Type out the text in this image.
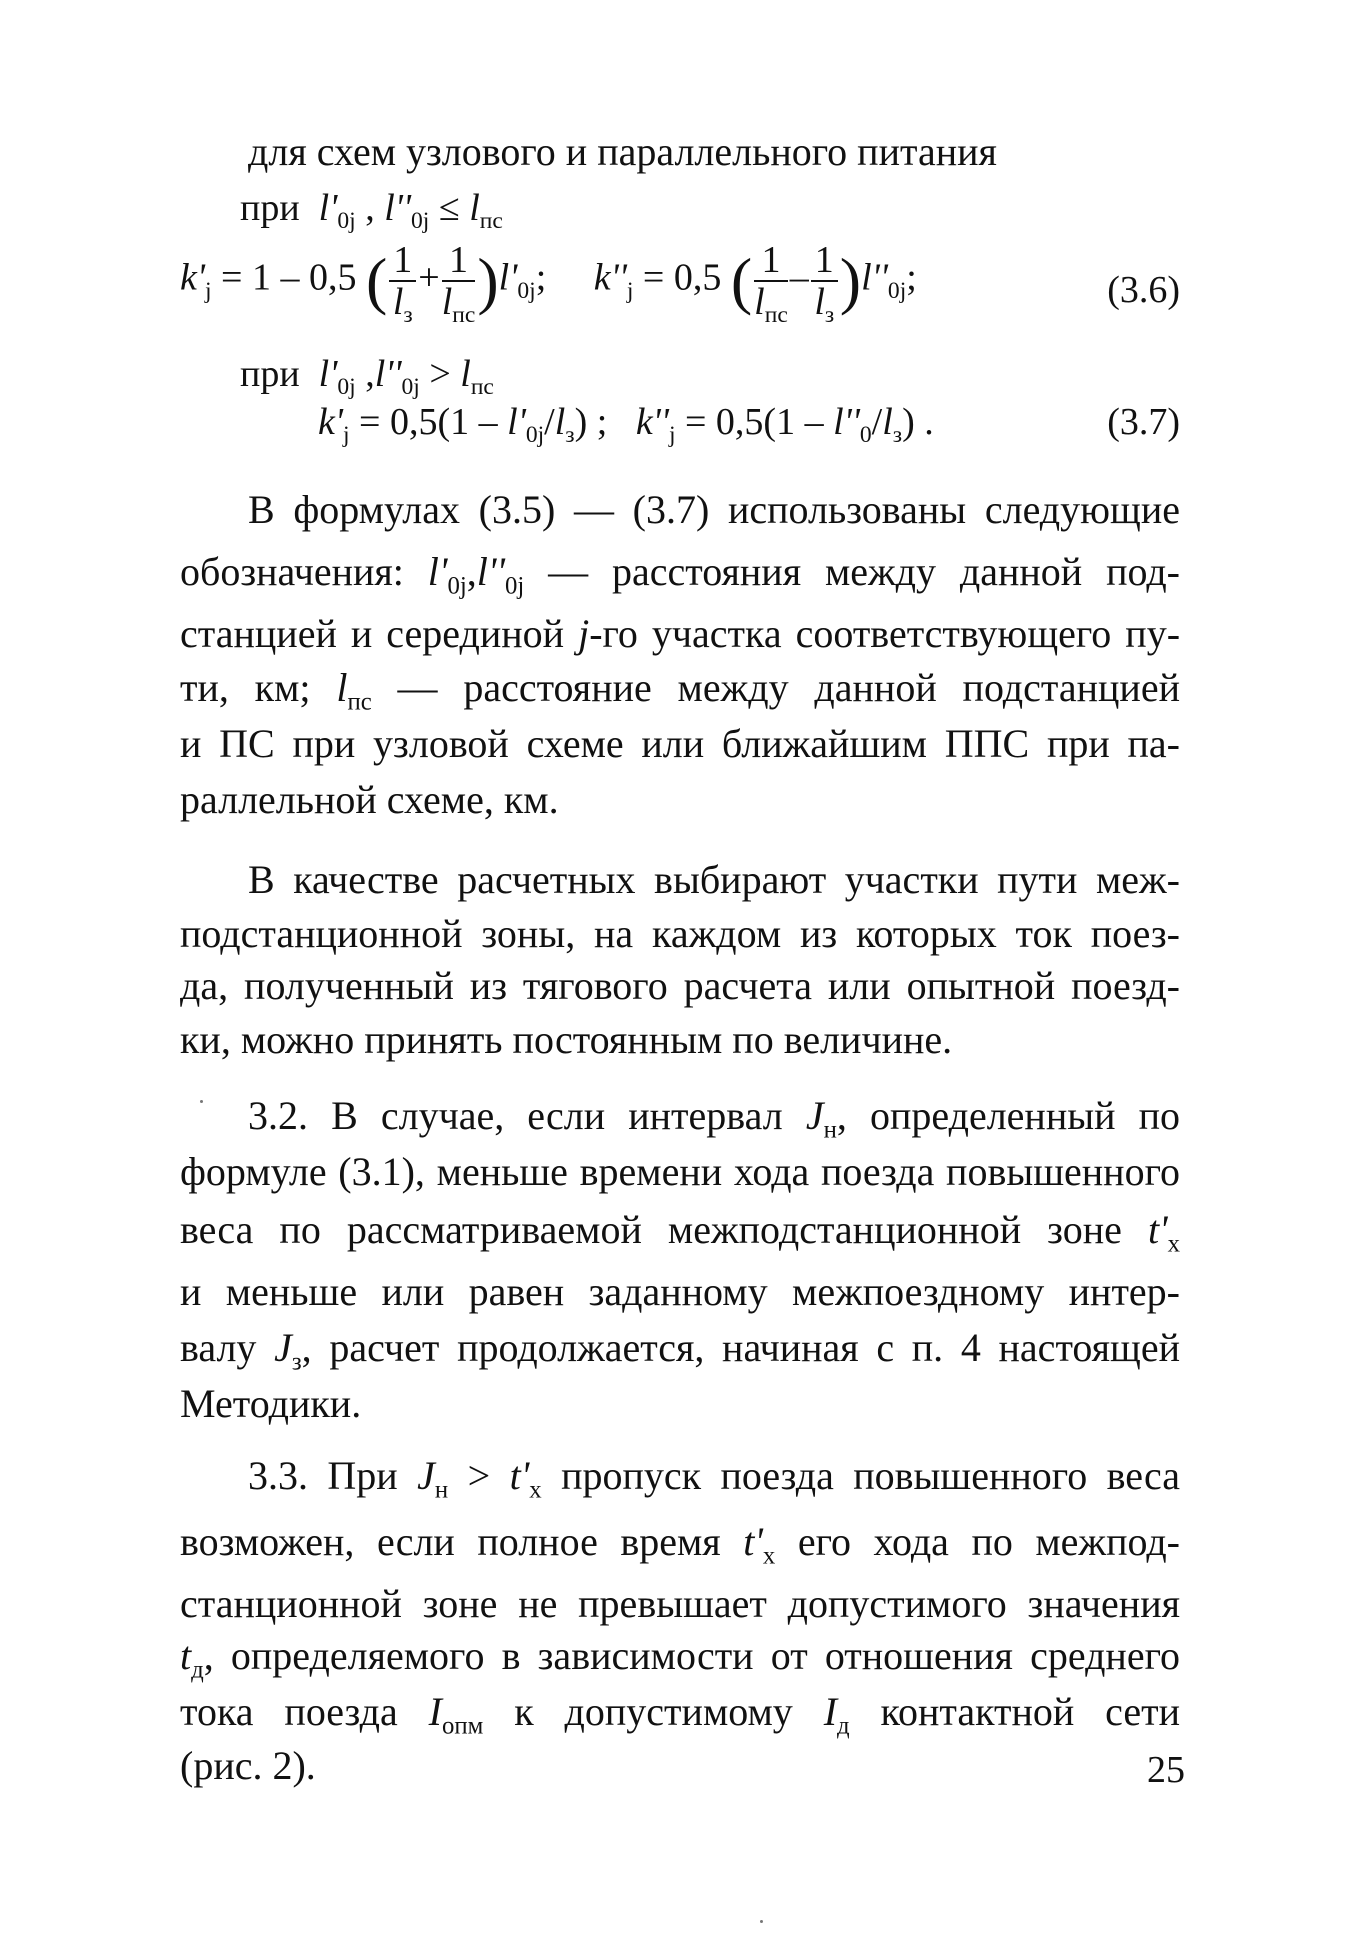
для схем узлового и параллельного питания

при $l'_{0j}$ , $l''_{0j} \le l_{пс}$

$k'_j = 1 - 0,5$ ( $\frac{1}{l_з} + \frac{1}{l_{пс}} )l'_{0j}$; $k''_j = 0,5$ ( $\frac{1}{l_{пс}} - \frac{1}{l_з} )l''_{0j}$;	(3.6)

при $l'_{0j}$ $,l''_{0j} > l_{пс}$

$k'_j = 0,5(1 - l'_{0j}/l_з)$ ; $k''_j = 0,5(1 - l''_0/l_з)$ .	(3.7)

В формулах (3.5) — (3.7) использованы следующие

обозначения: $l'_{0j},l''_{0j}$ — расстояния между данной под-

станцией и серединой j-го участка соответствующего пу-

ти, км; $l_{пс}$ — расстояние между данной подстанцией

и ПС при узловой схеме или ближайшим ППС при па-

раллельной схеме, км.

В качестве расчетных выбирают участки пути меж-

подстанционной зоны, на каждом из которых ток поез-

да, полученный из тягового расчета или опытной поезд-

ки, можно принять постоянным по величине.

3.2. В случае, если интервал $J_н$, определенный по

формуле (3.1), меньше времени хода поезда повышенного

веса по рассматриваемой межподстанционной зоне $t'_х$

и меньше или равен заданному межпоездному интер-

валу $J_з$, расчет продолжается, начиная с п. 4 настоящей

Методики.

3.3. При $J_н > t'_х$ пропуск поезда повышенного веса

возможен, если полное время $t'_х$ его хода по межпод-

станционной зоне не превышает допустимого значения

$t_д$, определяемого в зависимости от отношения среднего

тока поезда $I_{опм}$ к допустимому $I_д$ контактной сети

(рис. 2).	25
